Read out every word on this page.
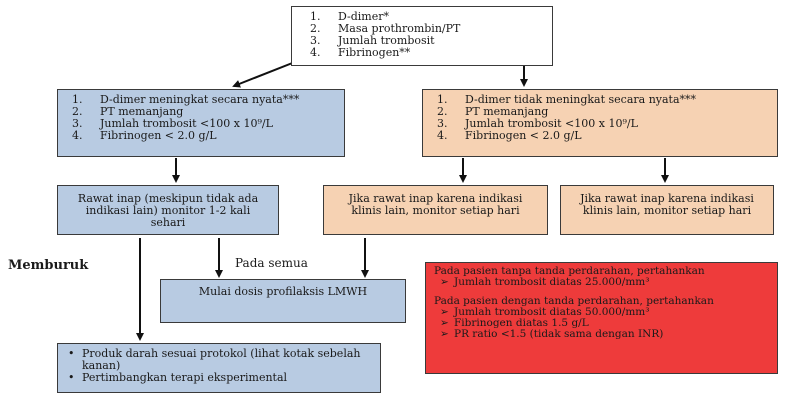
1.	D-dimer*
2.	Masa prothrombin/PT
3.	Jumlah trombosit
4.	Fibrinogen**
1.	D-dimer meningkat secara nyata***
2.	PT memanjang
3.	Jumlah trombosit <100 x 10⁹/L
4.	Fibrinogen < 2.0 g/L
1.	D-dimer tidak meningkat secara nyata***
2.	PT memanjang
3.	Jumlah trombosit <100 x 10⁹/L
4.	Fibrinogen < 2.0 g/L
Rawat inap (meskipun tidak ada indikasi lain) monitor 1-2 kali sehari
Jika rawat inap karena indikasi klinis lain, monitor setiap hari
Jika rawat inap karena indikasi klinis lain, monitor setiap hari
Memburuk	Pada semua
Mulai dosis profilaksis LMWH
• Produk darah sesuai protokol (lihat kotak sebelah kanan)
• Pertimbangkan terapi eksperimental

Pada pasien tanpa tanda perdarahan, pertahankan

➢ Jumlah trombosit diatas 25.000/mm³

Pada pasien dengan tanda perdarahan, pertahankan

➢ Jumlah trombosit diatas 50.000/mm³
➢ Fibrinogen diatas 1.5 g/L
➢ PR ratio <1.5 (tidak sama dengan INR)
